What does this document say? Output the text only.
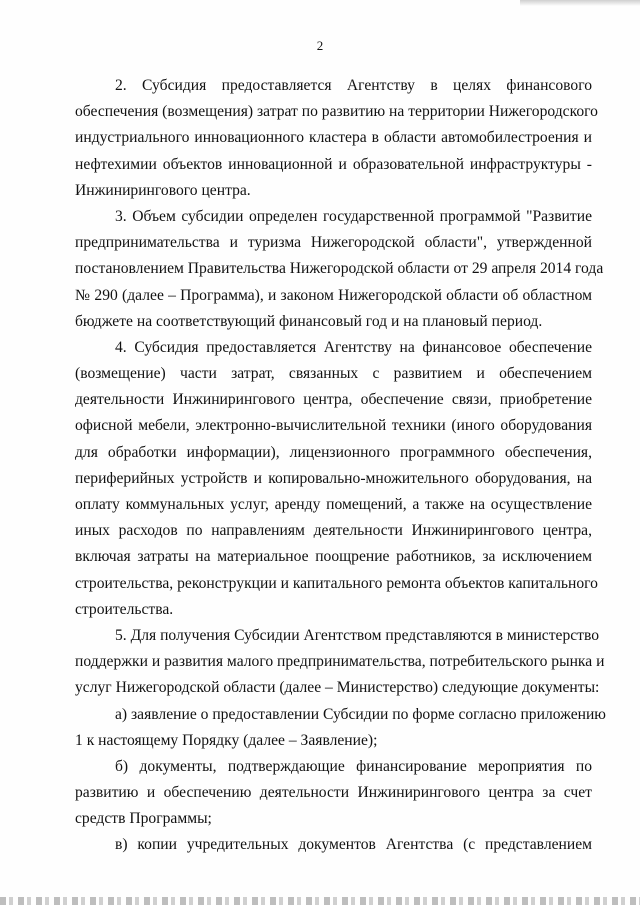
2
2. Субсидия предоставляется Агентству в целях финансового
обеспечения (возмещения) затрат по развитию на территории Нижегородского
индустриального инновационного кластера в области автомобилестроения и
нефтехимии объектов инновационной и образовательной инфраструктуры -
Инжинирингового центра.
3. Объем субсидии определен государственной программой "Развитие
предпринимательства и туризма Нижегородской области", утвержденной
постановлением Правительства Нижегородской области от 29 апреля 2014 года
№ 290 (далее – Программа), и законом Нижегородской области об областном
бюджете на соответствующий финансовый год и на плановый период.
4. Субсидия предоставляется Агентству на финансовое обеспечение
(возмещение) части затрат, связанных с развитием и обеспечением
деятельности Инжинирингового центра, обеспечение связи, приобретение
офисной мебели, электронно-вычислительной техники (иного оборудования
для обработки информации), лицензионного программного обеспечения,
периферийных устройств и копировально-множительного оборудования, на
оплату коммунальных услуг, аренду помещений, а также на осуществление
иных расходов по направлениям деятельности Инжинирингового центра,
включая затраты на материальное поощрение работников, за исключением
строительства, реконструкции и капитального ремонта объектов капитального
строительства.
5. Для получения Субсидии Агентством представляются в министерство
поддержки и развития малого предпринимательства, потребительского рынка и
услуг Нижегородской области (далее – Министерство) следующие документы:
а) заявление о предоставлении Субсидии по форме согласно приложению
1 к настоящему Порядку (далее – Заявление);
б) документы, подтверждающие финансирование мероприятия по
развитию и обеспечению деятельности Инжинирингового центра за счет
средств Программы;
в) копии учредительных документов Агентства (с представлением
